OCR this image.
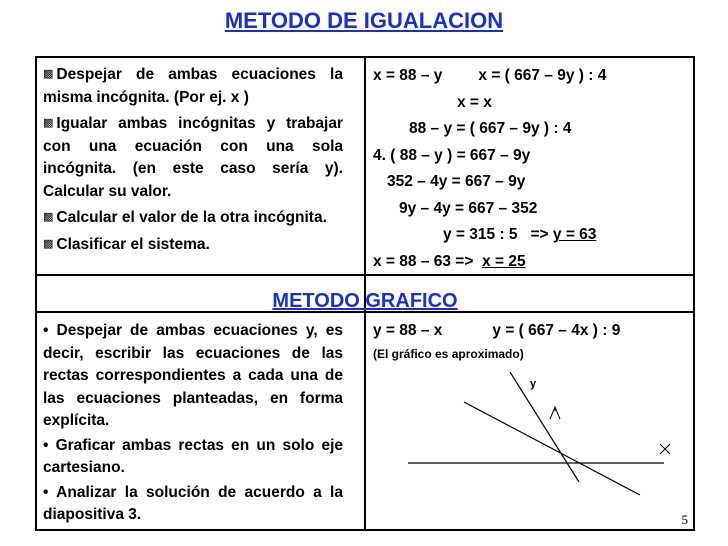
METODO DE IGUALACION
▩ Despejar de ambas ecuaciones la misma incógnita. (Por ej. x )
▩ Igualar ambas incógnitas y trabajar con una ecuación con una sola incógnita. (en este caso sería y). Calcular su valor.
▩ Calcular el valor de la otra incógnita.
▩ Clasificar el sistema.
x = 88 – y x = ( 667 – 9y ) : 4
x = x
88 – y = ( 667 – 9y ) : 4
4. ( 88 – y ) = 667 – 9y
352 – 4y = 667 – 9y
9y – 4y = 667 – 352
y = 315 : 5   => y = 63
x = 88 – 63 => x = 25
METODO GRAFICO
• Despejar de ambas ecuaciones y, es decir, escribir las ecuaciones de las rectas correspondientes a cada una de las ecuaciones planteadas, en forma explícita.
• Graficar ambas rectas en un solo eje cartesiano.
• Analizar la solución de acuerdo a la diapositiva 3.
y = 88 – x	y = ( 667 – 4x ) : 9
(El gráfico es aproximado)
y
5
